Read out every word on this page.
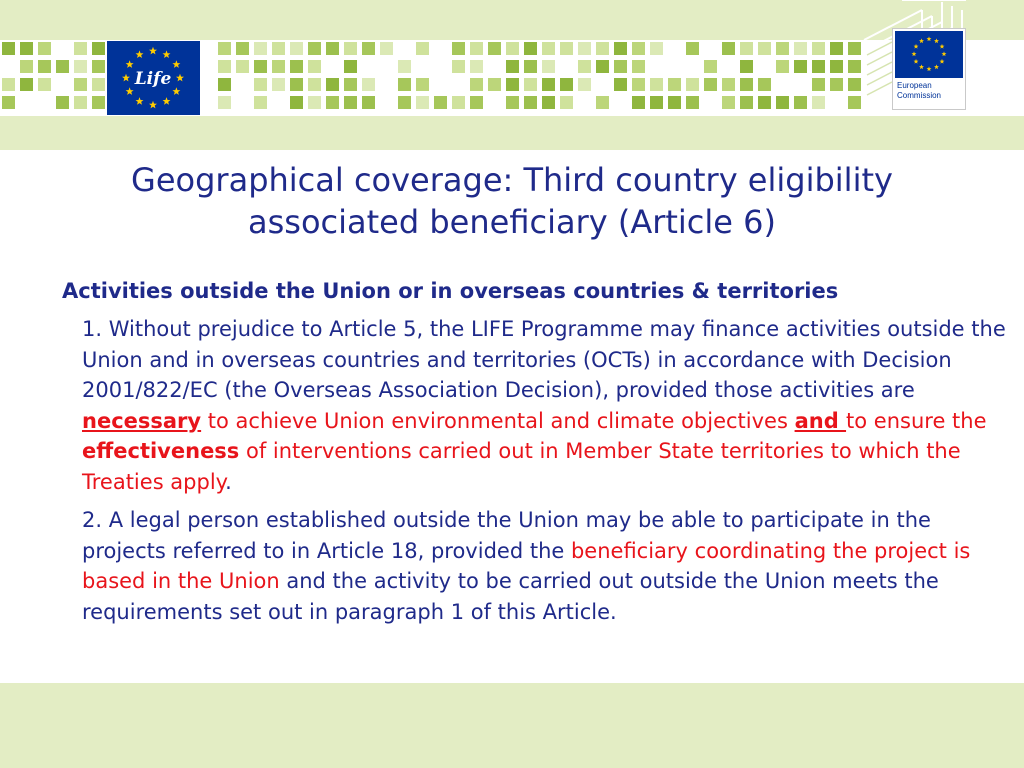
Life	European
Commission
Geographical coverage: Third country eligibility
associated beneficiary (Article 6)
Activities outside the Union or in overseas countries & territories

1. Without prejudice to Article 5, the LIFE Programme may finance activities outside the Union and in overseas countries and territories (OCTs) in accordance with Decision 2001/822/EC (the Overseas Association Decision), provided those activities are necessary to achieve Union environmental and climate objectives and to ensure the effectiveness of interventions carried out in Member State territories to which the Treaties apply.

2. A legal person established outside the Union may be able to participate in the projects referred to in Article 18, provided the beneficiary coordinating the project is based in the Union and the activity to be carried out outside the Union meets the requirements set out in paragraph 1 of this Article.
